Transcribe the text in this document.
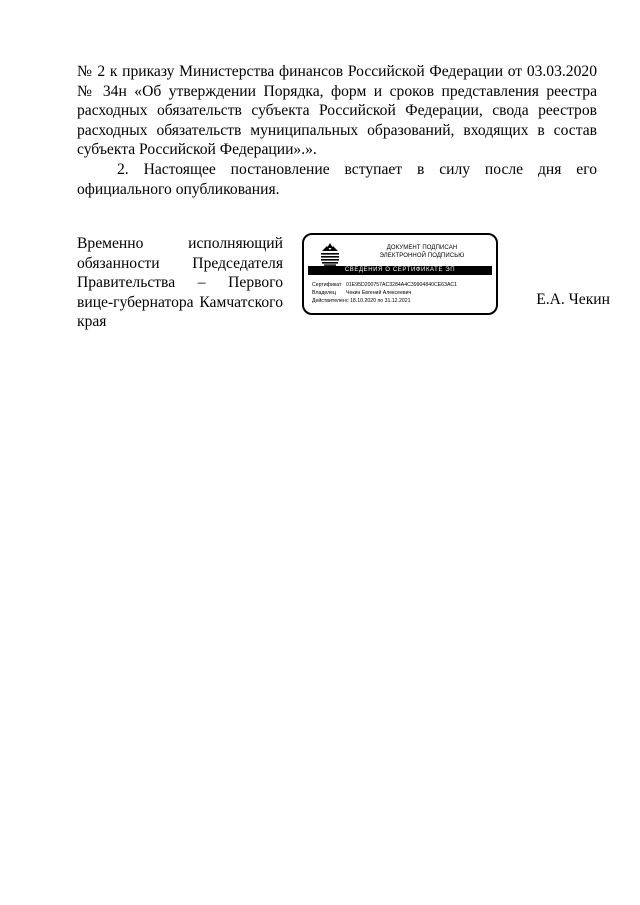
№ 2 к приказу Министерства финансов Российской Федерации от 03.03.2020 № 34н «Об утверждении Порядка, форм и сроков представления реестра расходных обязательств субъекта Российской Федерации, свода реестров расходных обязательств муниципальных образований, входящих в состав субъекта Российской Федерации».».

2. Настоящее постановление вступает в силу после дня его официального опубликования.

Временно исполняющий обязанности Председателя Правительства – Первого вице-губернатора Камчатского края
ДОКУМЕНТ ПОДПИСАН
ЭЛЕКТРОННОЙ ПОДПИСЬЮ
СВЕДЕНИЯ О СЕРТИФИКАТЕ ЭП
Сертификат 01E95D200757AC3284A4C39904840CE63AC1
Владелец	Чекин Евгений Алексеевич
Действителен с 18.10.2020 по 31.12.2021	Е.А. Чекин
